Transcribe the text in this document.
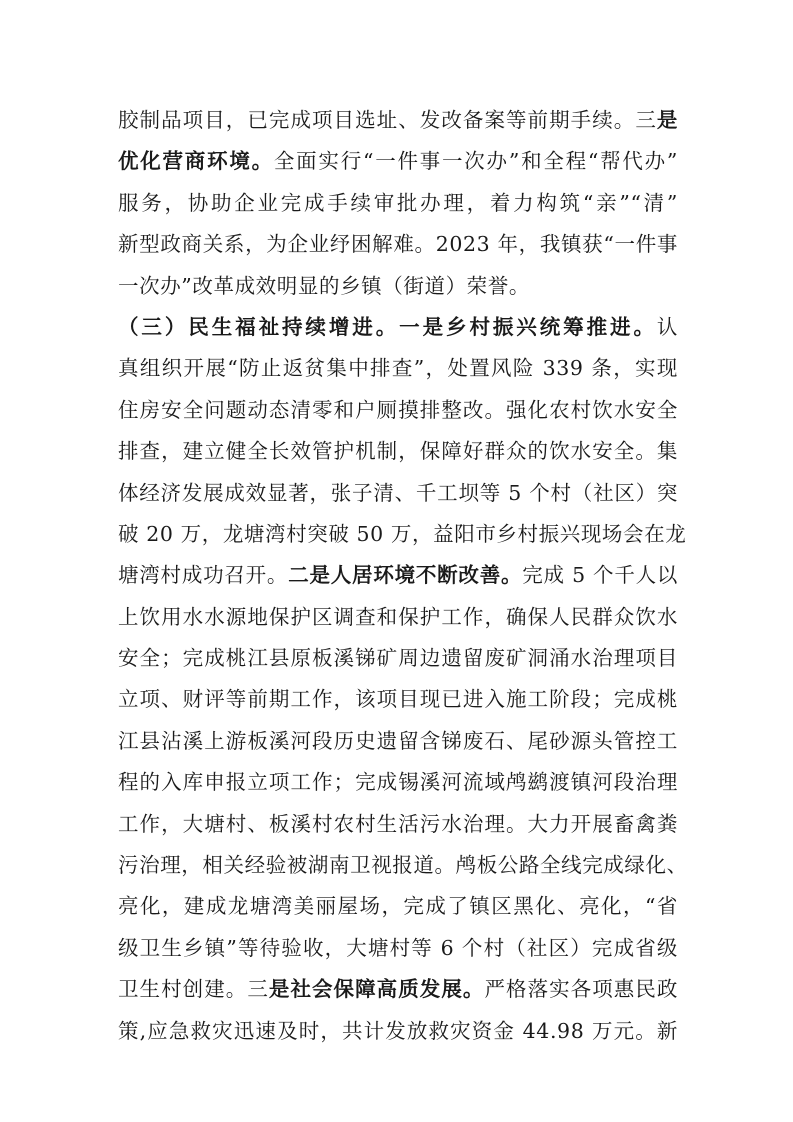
胶制品项目，已完成项目选址、发改备案等前期手续。三是
优化营商环境。全面实行“一件事一次办”和全程“帮代办”
服务，协助企业完成手续审批办理，着力构筑“亲”“清”
新型政商关系，为企业纾困解难。2023 年，我镇获“一件事
一次办”改革成效明显的乡镇（街道）荣誉。
（三）民生福祉持续增进。一是乡村振兴统筹推进。认
真组织开展“防止返贫集中排查”，处置风险 339 条，实现
住房安全问题动态清零和户厕摸排整改。强化农村饮水安全
排查，建立健全长效管护机制，保障好群众的饮水安全。集
体经济发展成效显著，张子清、千工坝等 5 个村（社区）突
破 20 万，龙塘湾村突破 50 万，益阳市乡村振兴现场会在龙
塘湾村成功召开。二是人居环境不断改善。完成 5 个千人以
上饮用水水源地保护区调查和保护工作，确保人民群众饮水
安全；完成桃江县原板溪锑矿周边遗留废矿洞涌水治理项目
立项、财评等前期工作，该项目现已进入施工阶段；完成桃
江县沾溪上游板溪河段历史遗留含锑废石、尾砂源头管控工
程的入库申报立项工作；完成锡溪河流域鸬鹚渡镇河段治理
工作，大塘村、板溪村农村生活污水治理。大力开展畜禽粪
污治理，相关经验被湖南卫视报道。鸬板公路全线完成绿化、
亮化，建成龙塘湾美丽屋场，完成了镇区黑化、亮化，“省
级卫生乡镇”等待验收，大塘村等 6 个村（社区）完成省级
卫生村创建。三是社会保障高质发展。严格落实各项惠民政
策,应急救灾迅速及时，共计发放救灾资金 44.98 万元。新
